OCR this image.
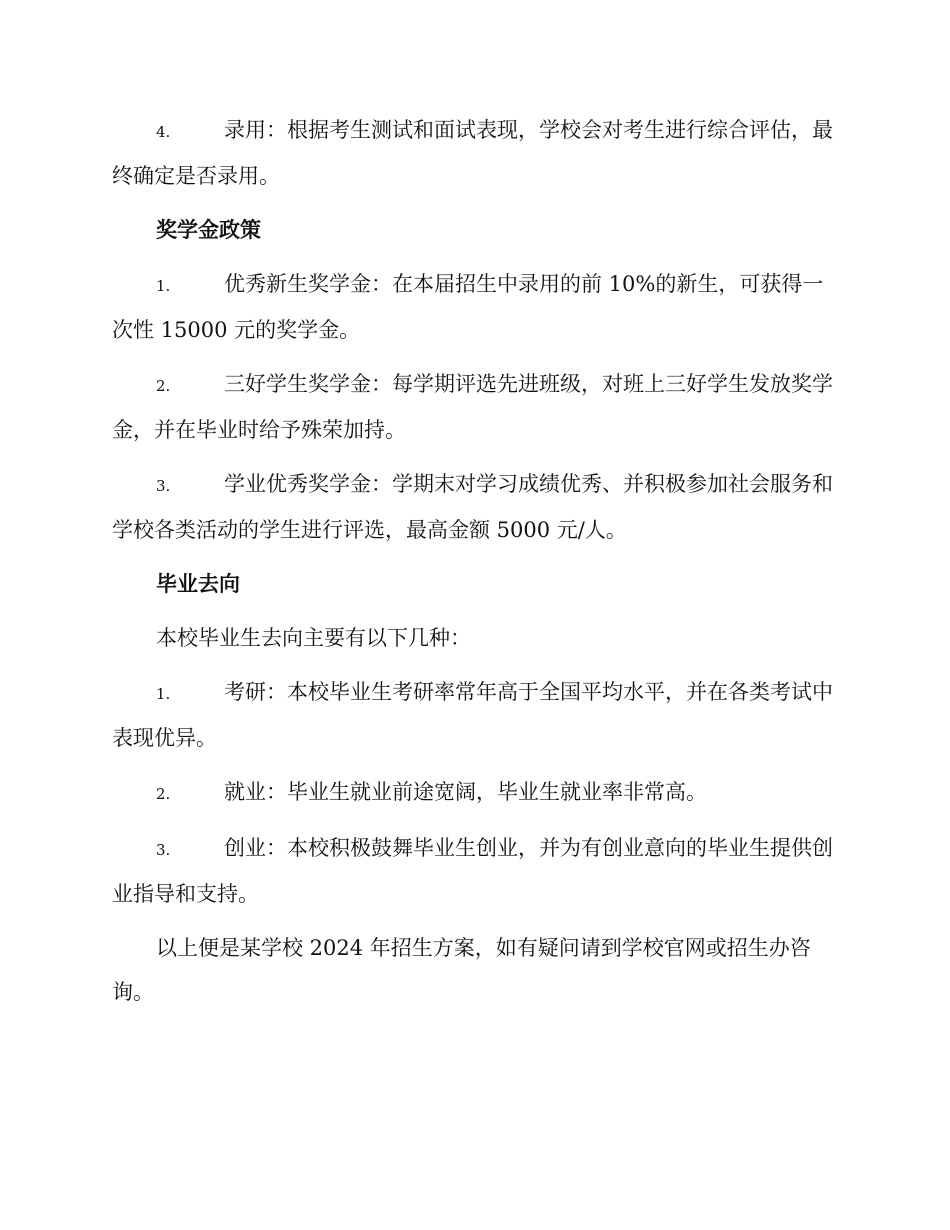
4.	录用：根据考生测试和面试表现，学校会对考生进行综合评估，最终确定是否录用。

奖学金政策

1.	优秀新生奖学金：在本届招生中录用的前 10%的新生，可获得一次性 15000 元的奖学金。

2.	三好学生奖学金：每学期评选先进班级，对班上三好学生发放奖学金，并在毕业时给予殊荣加持。

3.	学业优秀奖学金：学期末对学习成绩优秀、并积极参加社会服务和学校各类活动的学生进行评选，最高金额 5000 元/人。

毕业去向

本校毕业生去向主要有以下几种：

1.	考研：本校毕业生考研率常年高于全国平均水平，并在各类考试中表现优异。

2.	就业：毕业生就业前途宽阔，毕业生就业率非常高。

3.	创业：本校积极鼓舞毕业生创业，并为有创业意向的毕业生提供创业指导和支持。

以上便是某学校 2024 年招生方案，如有疑问请到学校官网或招生办咨询。
